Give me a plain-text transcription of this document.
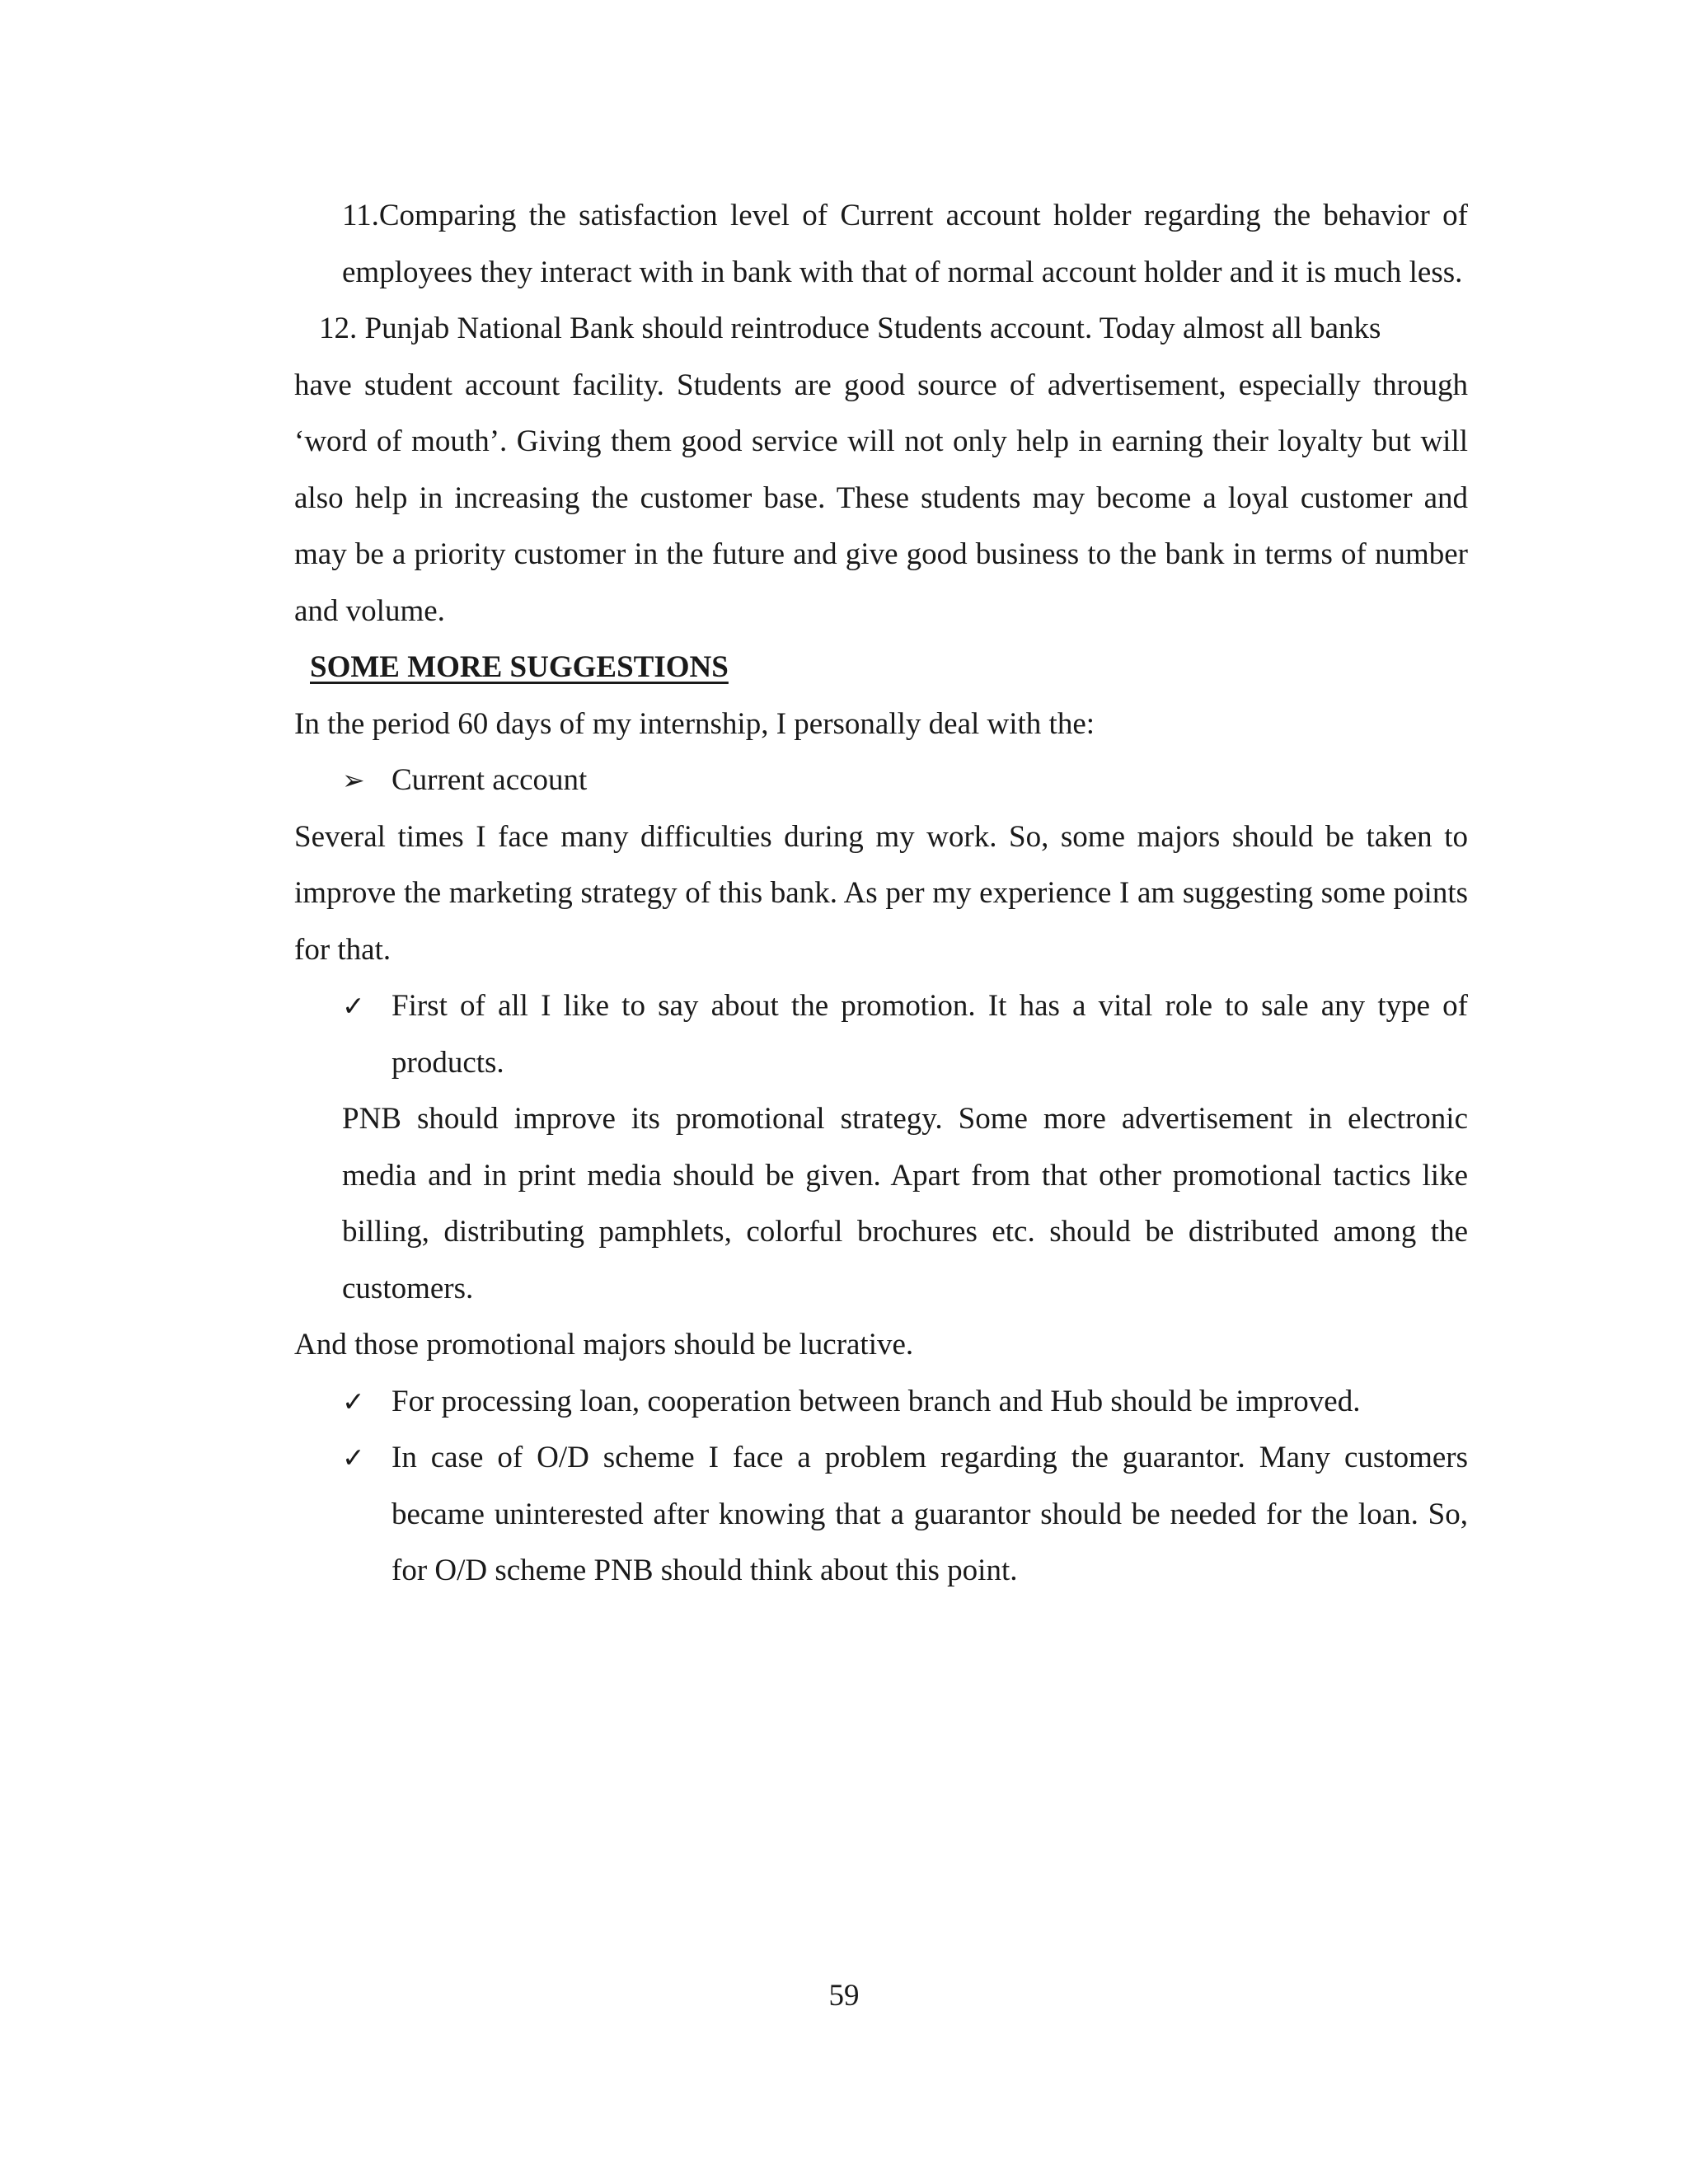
11.Comparing the satisfaction level of Current account holder regarding the behavior of employees they interact with in bank with that of normal account holder and it is much less.

12. Punjab National Bank should reintroduce Students account. Today almost all banks

have student account facility. Students are good source of advertisement, especially through ‘word of mouth’. Giving them good service will not only help in earning their loyalty but will also help in increasing the customer base. These students may become a loyal customer and may be a priority customer in the future and give good business to the bank in terms of number and volume.

SOME MORE SUGGESTIONS

In the period 60 days of my internship, I personally deal with the:

➢ Current account

Several times I face many difficulties during my work. So, some majors should be taken to improve the marketing strategy of this bank. As per my experience I am suggesting some points for that.

✓ First of all I like to say about the promotion. It has a vital role to sale any type of products.

PNB should improve its promotional strategy. Some more advertisement in electronic media and in print media should be given. Apart from that other promotional tactics like billing, distributing pamphlets, colorful brochures etc. should be distributed among the customers.

And those promotional majors should be lucrative.

✓ For processing loan, cooperation between branch and Hub should be improved.
✓ In case of O/D scheme I face a problem regarding the guarantor. Many customers became uninterested after knowing that a guarantor should be needed for the loan. So, for O/D scheme PNB should think about this point.
59
